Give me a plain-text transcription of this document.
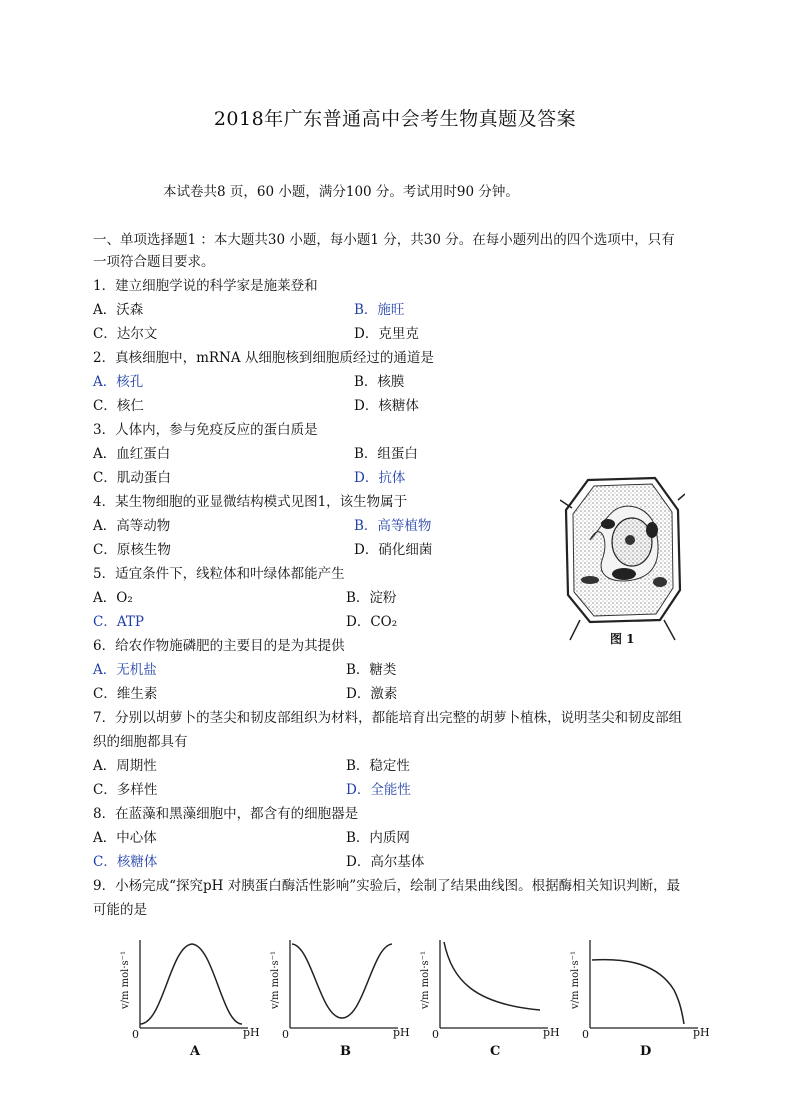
2018年广东普通高中会考生物真题及答案
本试卷共8 页，60 小题，满分100 分。考试用时90 分钟。
一、单项选择题1 ：本大题共30 小题，每小题1 分，共30 分。在每小题列出的四个选项中，只有
一项符合题目要求。
1．建立细胞学说的科学家是施莱登和
A．沃森	B．施旺
C．达尔文	D．克里克
2．真核细胞中，mRNA 从细胞核到细胞质经过的通道是
A．核孔	B．核膜
C．核仁	D．核糖体
3．人体内，参与免疫反应的蛋白质是
A．血红蛋白	B．组蛋白
C．肌动蛋白	D．抗体
4．某生物细胞的亚显微结构模式见图1，该生物属于
A．高等动物	B．高等植物
C．原核生物	D．硝化细菌
5．适宜条件下，线粒体和叶绿体都能产生
A．O₂	B．淀粉
C．ATP	D．CO₂
6．给农作物施磷肥的主要目的是为其提供
A．无机盐	B．糖类
C．维生素	D．激素
7．分别以胡萝卜的茎尖和韧皮部组织为材料，都能培育出完整的胡萝卜植株，说明茎尖和韧皮部组
织的细胞都具有
A．周期性	B．稳定性
C．多样性	D．全能性
8．在蓝藻和黑藻细胞中，都含有的细胞器是
A．中心体	B．内质网
C．核糖体	D．高尔基体
9．小杨完成“探究pH 对胰蛋白酶活性影响”实验后，绘制了结果曲线图。根据酶相关知识判断，最
可能的是
图 1
v/m mol·s⁻¹
0	pH
A
v/m mol·s⁻¹
0	pH
B
v/m mol·s⁻¹
0	pH
C
v/m mol·s⁻¹
0	pH
D
